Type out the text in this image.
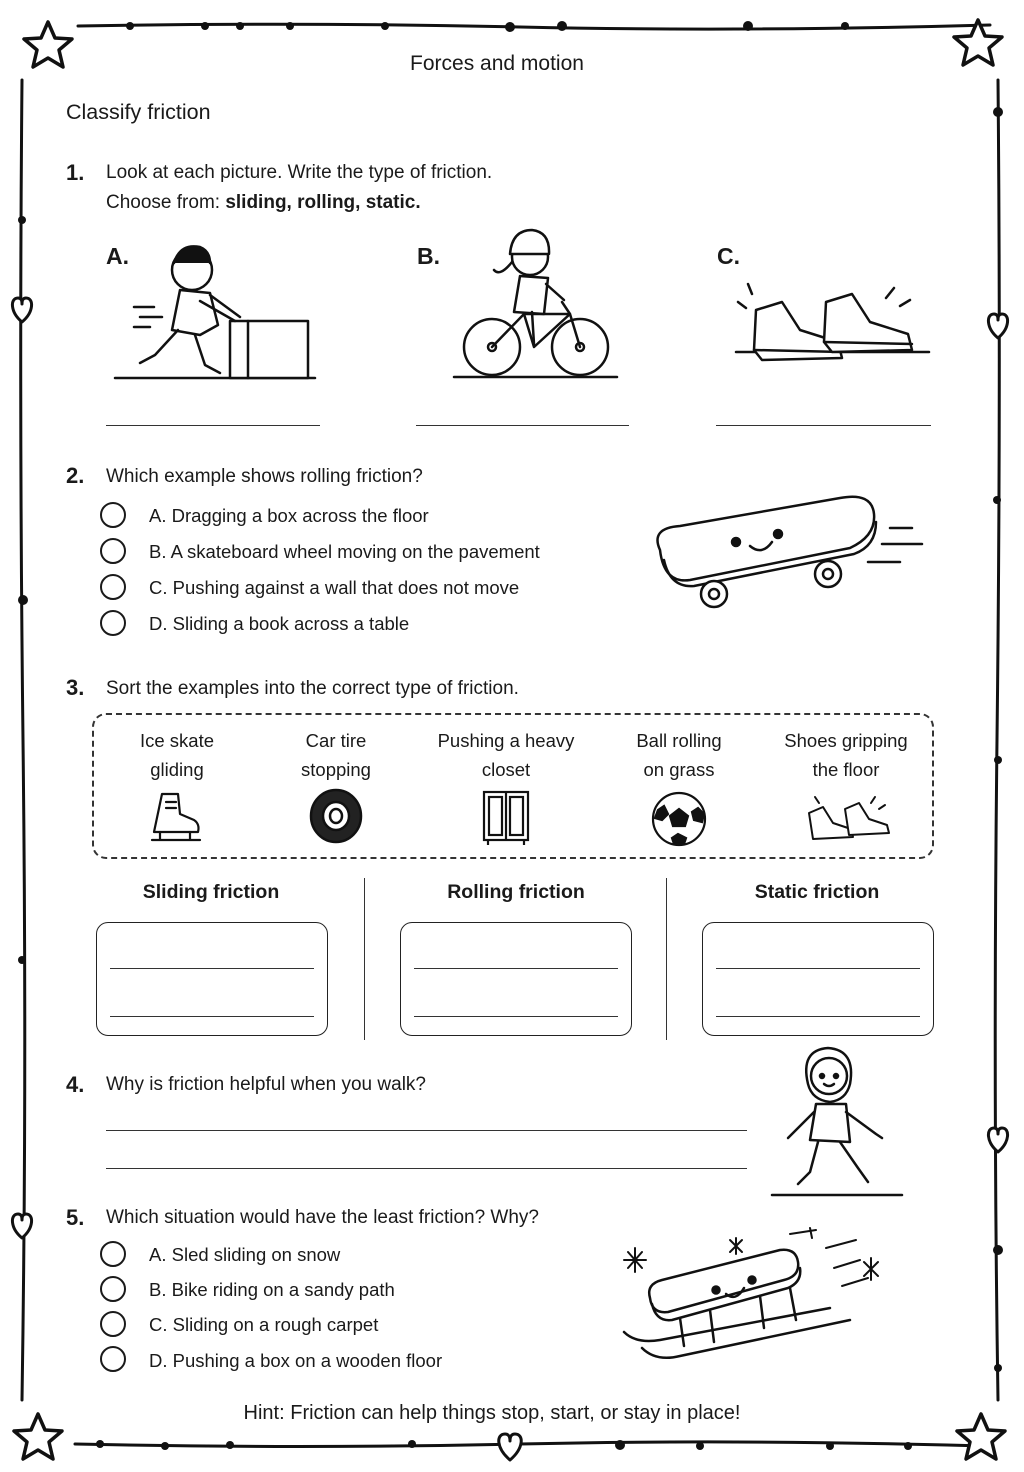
Forces and motion
Classify friction
1. Look at each picture. Write the type of friction.
Choose from: sliding, rolling, static.
A.	B.	C.
2. Which example shows rolling friction?
A. Dragging a box across the floor
B. A skateboard wheel moving on the pavement
C. Pushing against a wall that does not move
D. Sliding a book across a table
3. Sort the examples into the correct type of friction.
Ice skate
gliding
Car tire
stopping
Pushing a heavy
closet
Ball rolling
on grass
Shoes gripping
the floor
Sliding friction	Rolling friction	Static friction
4. Why is friction helpful when you walk?
5. Which situation would have the least friction? Why?
A. Sled sliding on snow
B. Bike riding on a sandy path
C. Sliding on a rough carpet
D. Pushing a box on a wooden floor
Hint: Friction can help things stop, start, or stay in place!
